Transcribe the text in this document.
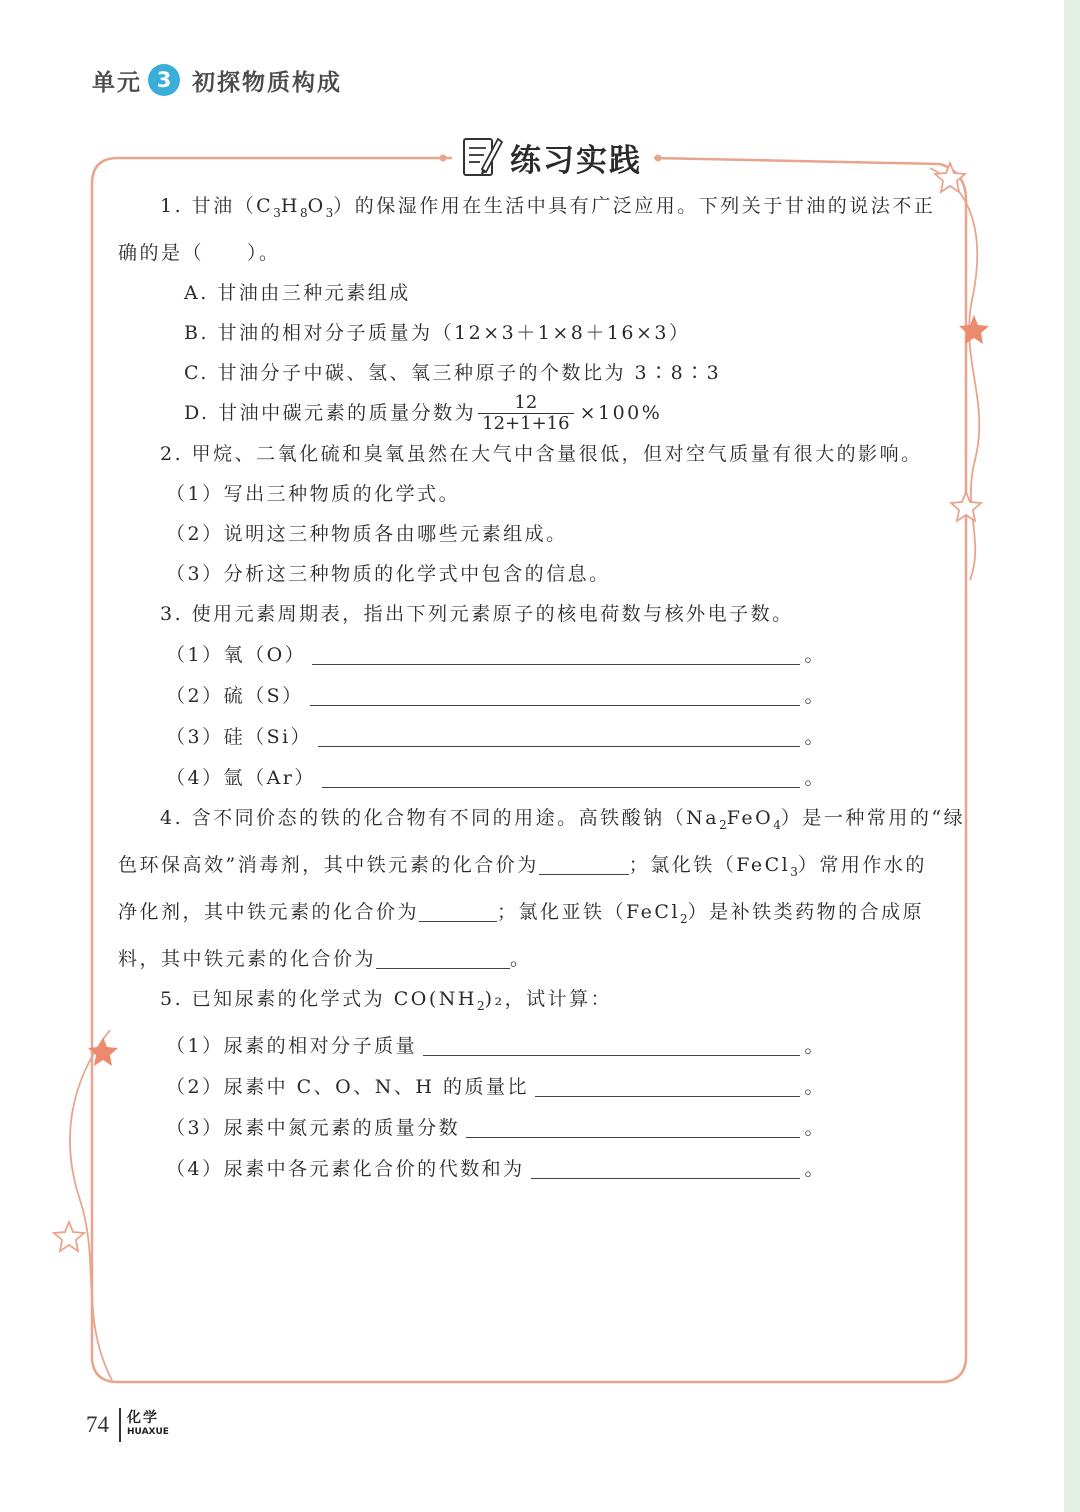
单元 3 初探物质构成
练习实践
1. 甘油$(C_3H_8O_3)$的保湿作用在生活中具有广泛应用。下列关于甘油的说法不正
确的是（　　）。
A. 甘油由三种元素组成
B. 甘油的相对分子质量为（12×3＋1×8＋16×3）
C. 甘油分子中碳、氢、氧三种原子的个数比为 3∶8∶3
D. 甘油中碳元素的质量分数为 $\frac{12}{12+1+16} \times 100\%$
2. 甲烷、二氧化硫和臭氧虽然在大气中含量很低，但对空气质量有很大的影响。
（1）写出三种物质的化学式。
（2）说明这三种物质各由哪些元素组成。
（3）分析这三种物质的化学式中包含的信息。
3. 使用元素周期表，指出下列元素原子的核电荷数与核外电子数。
（1）氧（O）	。
（2）硫（S）	。
（3）硅（Si）	。
（4）氩（Ar）	。
4. 含不同价态的铁的化合物有不同的用途。高铁酸钠$(Na_2FeO_4)$是一种常用的“绿
色环保高效”消毒剂，其中铁元素的化合价为	；氯化铁（FeCl$_3$）常用作水的
净化剂，其中铁元素的化合价为	；氯化亚铁（FeCl$_2$）是补铁类药物的合成原
料，其中铁元素的化合价为	。
5. 已知尿素的化学式为 $CO(NH_2)_2$，试计算：
（1）尿素的相对分子质量	。
（2）尿素中 C、O、N、H 的质量比	。
（3）尿素中氮元素的质量分数	。
（4）尿素中各元素化合价的代数和为	。
74 化学
HUAXUE
